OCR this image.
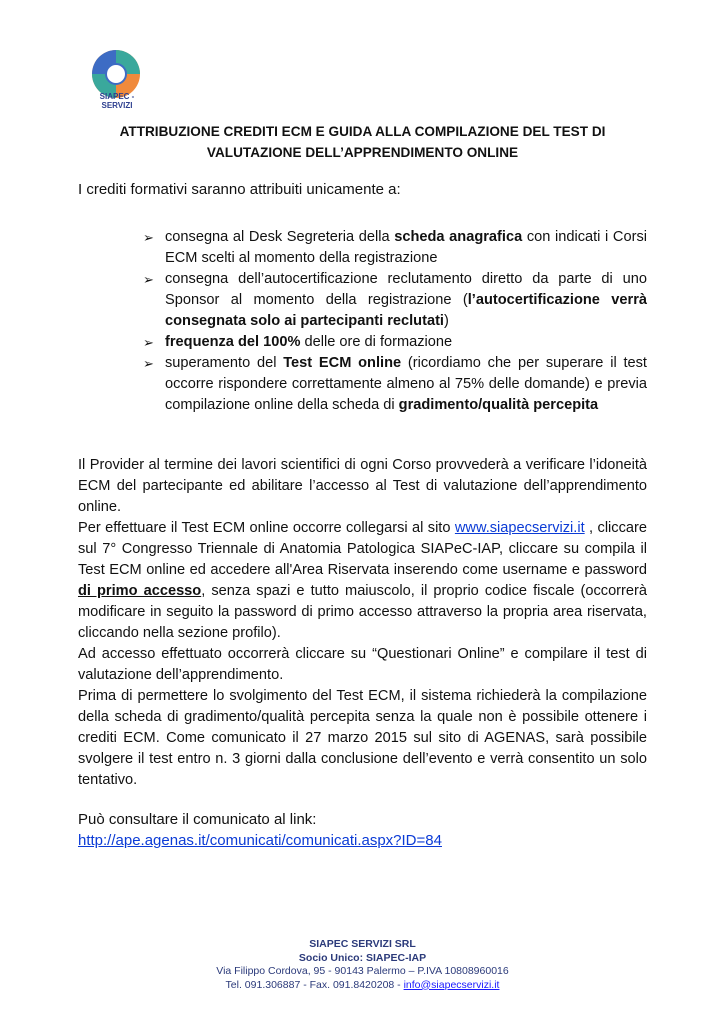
SIAPEC - SERVIZI
ATTRIBUZIONE CREDITI ECM E GUIDA ALLA COMPILAZIONE DEL TEST DI
VALUTAZIONE DELL’APPRENDIMENTO ONLINE
I crediti formativi saranno attribuiti unicamente a:
➢ consegna al Desk Segreteria della scheda anagrafica con indicati i Corsi ECM scelti al momento della registrazione
➢ consegna dell’autocertificazione reclutamento diretto da parte di uno Sponsor al momento della registrazione (l’autocertificazione verrà consegnata solo ai partecipanti reclutati)
➢ frequenza del 100% delle ore di formazione
➢ superamento del Test ECM online (ricordiamo che per superare il test occorre rispondere correttamente almeno al 75% delle domande) e previa compilazione online della scheda di gradimento/qualità percepita

Il Provider al termine dei lavori scientifici di ogni Corso provvederà a verificare l’idoneità ECM del partecipante ed abilitare l’accesso al Test di valutazione dell’apprendimento online.

Per effettuare il Test ECM online occorre collegarsi al sito www.siapecservizi.it , cliccare sul 7° Congresso Triennale di Anatomia Patologica SIAPeC-IAP, cliccare su compila il Test ECM online ed accedere all'Area Riservata inserendo come username e password di primo accesso, senza spazi e tutto maiuscolo, il proprio codice fiscale (occorrerà modificare in seguito la password di primo accesso attraverso la propria area riservata, cliccando nella sezione profilo).

Ad accesso effettuato occorrerà cliccare su “Questionari Online” e compilare il test di valutazione dell’apprendimento.

Prima di permettere lo svolgimento del Test ECM, il sistema richiederà la compilazione della scheda di gradimento/qualità percepita senza la quale non è possibile ottenere i crediti ECM. Come comunicato il 27 marzo 2015 sul sito di AGENAS, sarà possibile svolgere il test entro n. 3 giorni dalla conclusione dell’evento e verrà consentito un solo tentativo.

Può consultare il comunicato al link:
http://ape.agenas.it/comunicati/comunicati.aspx?ID=84
SIAPEC SERVIZI SRL
Socio Unico: SIAPEC-IAP
Via Filippo Cordova, 95 - 90143 Palermo – P.IVA 10808960016
Tel. 091.306887 - Fax. 091.8420208 - info@siapecservizi.it
